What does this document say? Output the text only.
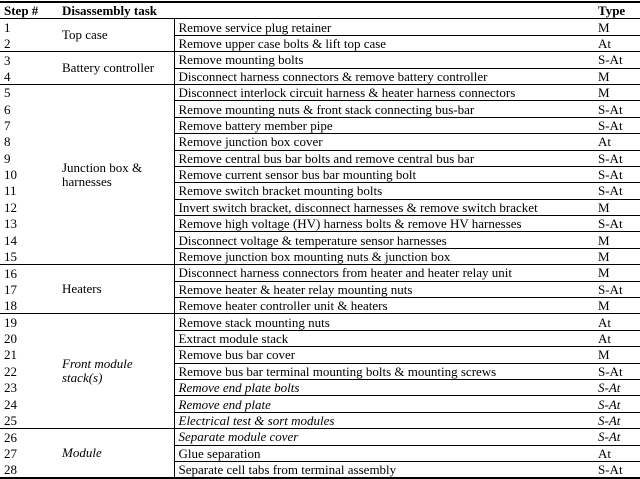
Step #	Disassembly task		Type
1	Top case	Remove service plug retainer	M
2		Remove upper case bolts & lift top case	At
3	Battery controller	Remove mounting bolts	S-At
4		Disconnect harness connectors & remove battery controller	M
5	Junction box & harnesses	Disconnect interlock circuit harness & heater harness connectors	M
6		Remove mounting nuts & front stack connecting bus-bar	S-At
7		Remove battery member pipe	S-At
8		Remove junction box cover	At
9		Remove central bus bar bolts and remove central bus bar	S-At
10		Remove current sensor bus bar mounting bolt	S-At
11		Remove switch bracket mounting bolts	S-At
12		Invert switch bracket, disconnect harnesses & remove switch bracket	M
13		Remove high voltage (HV) harness bolts & remove HV harnesses	S-At
14		Disconnect voltage & temperature sensor harnesses	M
15		Remove junction box mounting nuts & junction box	M
16	Heaters	Disconnect harness connectors from heater and heater relay unit	M
17		Remove heater & heater relay mounting nuts	S-At
18		Remove heater controller unit & heaters	M
19	Front module stack(s)	Remove stack mounting nuts	At
20		Extract module stack	At
21		Remove bus bar cover	M
22		Remove bus bar terminal mounting bolts & mounting screws	S-At
23		Remove end plate bolts	S-At
24		Remove end plate	S-At
25		Electrical test & sort modules	S-At
26	Module	Separate module cover	S-At
27		Glue separation	At
28		Separate cell tabs from terminal assembly	S-At
